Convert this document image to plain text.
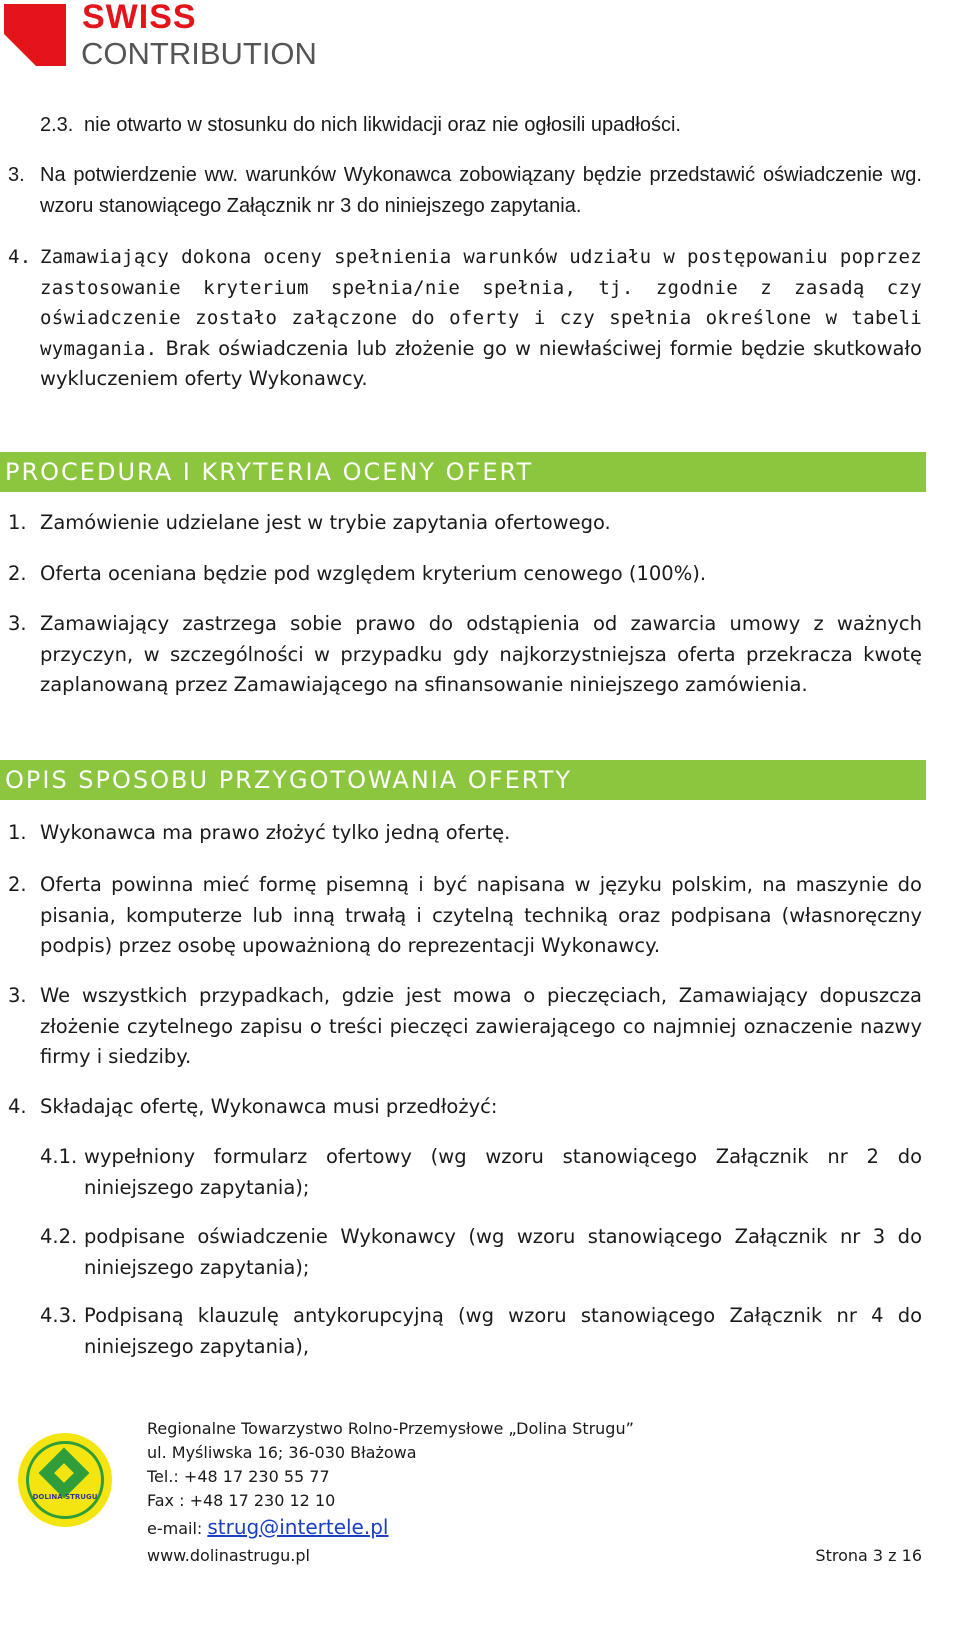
SWISS
CONTRIBUTION
2.3. nie otwarto w stosunku do nich likwidacji oraz nie ogłosili upadłości.
3. Na potwierdzenie ww. warunków Wykonawca zobowiązany będzie przedstawić oświadczenie wg. wzoru stanowiącego Załącznik nr 3 do niniejszego zapytania.
4. Zamawiający dokona oceny spełnienia warunków udziału w postępowaniu poprzez zastosowanie kryterium spełnia/nie spełnia, tj. zgodnie z zasadą czy oświadczenie zostało załączone do oferty i czy spełnia określone w tabeli wymagania. Brak oświadczenia lub złożenie go w niewłaściwej formie będzie skutkowało wykluczeniem oferty Wykonawcy.
PROCEDURA I KRYTERIA OCENY OFERT
1. Zamówienie udzielane jest w trybie zapytania ofertowego.
2. Oferta oceniana będzie pod względem kryterium cenowego (100%).
3. Zamawiający zastrzega sobie prawo do odstąpienia od zawarcia umowy z ważnych przyczyn, w szczególności w przypadku gdy najkorzystniejsza oferta przekracza kwotę zaplanowaną przez Zamawiającego na sfinansowanie niniejszego zamówienia.
OPIS SPOSOBU PRZYGOTOWANIA OFERTY
1. Wykonawca ma prawo złożyć tylko jedną ofertę.
2. Oferta powinna mieć formę pisemną i być napisana w języku polskim, na maszynie do pisania, komputerze lub inną trwałą i czytelną techniką oraz podpisana (własnoręczny podpis) przez osobę upoważnioną do reprezentacji Wykonawcy.
3. We wszystkich przypadkach, gdzie jest mowa o pieczęciach, Zamawiający dopuszcza złożenie czytelnego zapisu o treści pieczęci zawierającego co najmniej oznaczenie nazwy firmy i siedziby.
4. Składając ofertę, Wykonawca musi przedłożyć:
4.1. wypełniony formularz ofertowy (wg wzoru stanowiącego Załącznik nr 2 do niniejszego zapytania);
4.2. podpisane oświadczenie Wykonawcy (wg wzoru stanowiącego Załącznik nr 3 do niniejszego zapytania);
4.3. Podpisaną klauzulę antykorupcyjną (wg wzoru stanowiącego Załącznik nr 4 do niniejszego zapytania),
DOLINA STRUGU
Regionalne Towarzystwo Rolno-Przemysłowe „Dolina Strugu”
ul. Myśliwska 16; 36-030 Błażowa
Tel.: +48 17 230 55 77
Fax : +48 17 230 12 10
e-mail: strug@intertele.pl
www.dolinastrugu.pl	Strona 3 z 16
